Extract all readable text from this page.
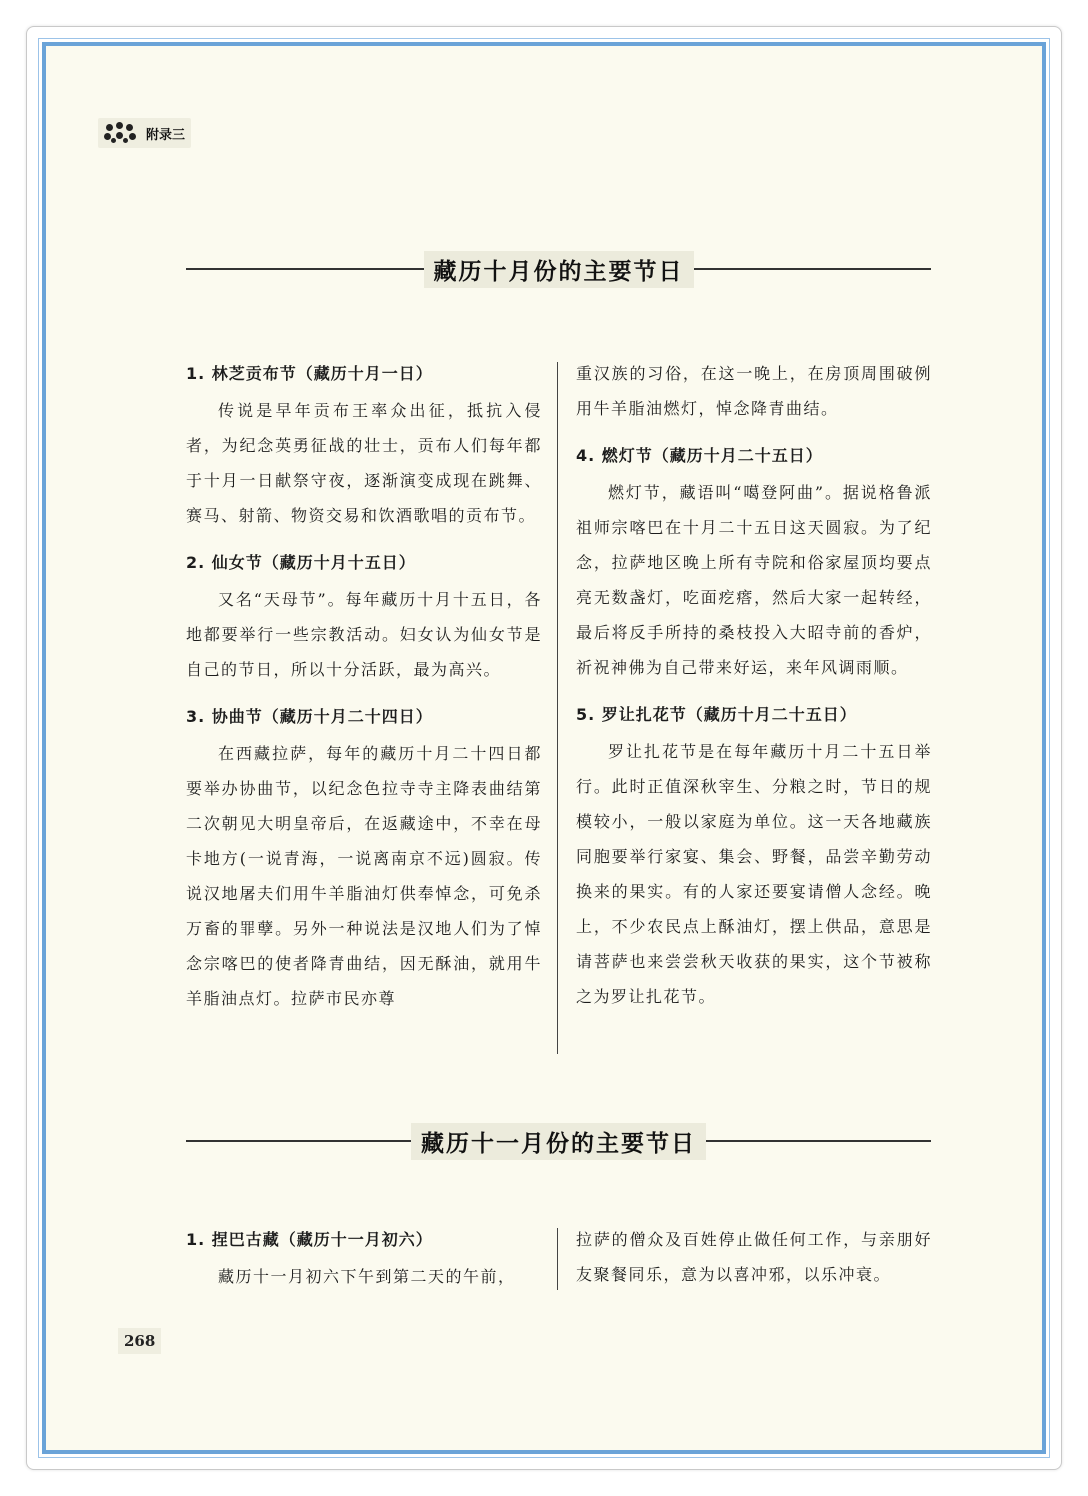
附录三
藏历十月份的主要节日

1. 林芝贡布节（藏历十月一日）

传说是早年贡布王率众出征，抵抗入侵者，为纪念英勇征战的壮士，贡布人们每年都于十月一日献祭守夜，逐渐演变成现在跳舞、赛马、射箭、物资交易和饮酒歌唱的贡布节。

2. 仙女节（藏历十月十五日）

又名“天母节”。每年藏历十月十五日，各地都要举行一些宗教活动。妇女认为仙女节是自己的节日，所以十分活跃，最为高兴。

3. 协曲节（藏历十月二十四日）

在西藏拉萨，每年的藏历十月二十四日都要举办协曲节，以纪念色拉寺寺主降表曲结第二次朝见大明皇帝后，在返藏途中，不幸在母卡地方(一说青海，一说离南京不远)圆寂。传说汉地屠夫们用牛羊脂油灯供奉悼念，可免杀万畜的罪孽。另外一种说法是汉地人们为了悼念宗喀巴的使者降青曲结，因无酥油，就用牛羊脂油点灯。拉萨市民亦尊

重汉族的习俗，在这一晚上，在房顶周围破例用牛羊脂油燃灯，悼念降青曲结。

4. 燃灯节（藏历十月二十五日）

燃灯节，藏语叫“噶登阿曲”。据说格鲁派祖师宗喀巴在十月二十五日这天圆寂。为了纪念，拉萨地区晚上所有寺院和俗家屋顶均要点亮无数盏灯，吃面疙瘩，然后大家一起转经，最后将反手所持的桑枝投入大昭寺前的香炉，祈祝神佛为自己带来好运，来年风调雨顺。

5. 罗让扎花节（藏历十月二十五日）

罗让扎花节是在每年藏历十月二十五日举行。此时正值深秋宰生、分粮之时，节日的规模较小，一般以家庭为单位。这一天各地藏族同胞要举行家宴、集会、野餐，品尝辛勤劳动换来的果实。有的人家还要宴请僧人念经。晚上，不少农民点上酥油灯，摆上供品，意思是请菩萨也来尝尝秋天收获的果实，这个节被称之为罗让扎花节。

藏历十一月份的主要节日

1. 捏巴古藏（藏历十一月初六）

藏历十一月初六下午到第二天的午前，

拉萨的僧众及百姓停止做任何工作，与亲朋好友聚餐同乐，意为以喜冲邪，以乐冲衰。

268
